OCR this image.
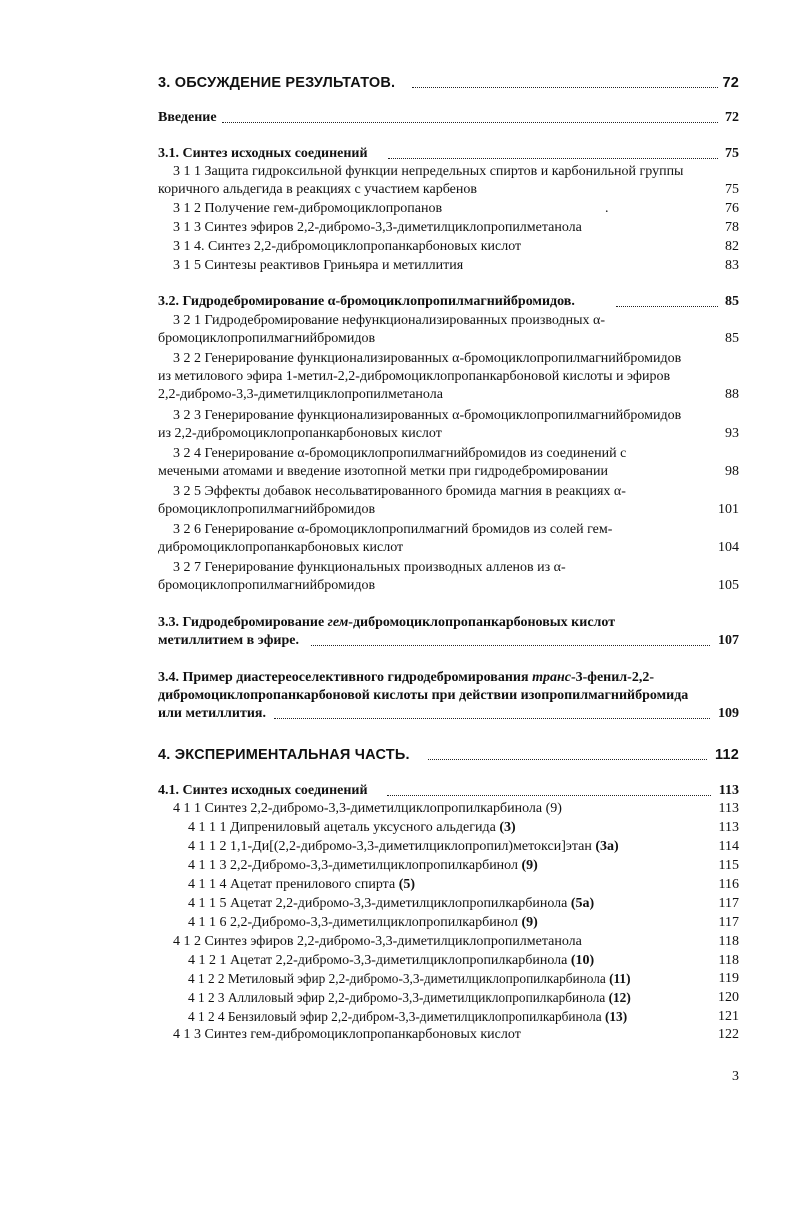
3. ОБСУЖДЕНИЕ РЕЗУЛЬТАТОВ.	72
Введение	72
3.1. Синтез исходных соединений	75
3 1 1 Защита гидроксильной функции непредельных спиртов и карбонильной группы
коричного альдегида в реакциях с участием карбенов	75
3 1 2 Получение гем-дибромоциклопропанов	.	76
3 1 3 Синтез эфиров 2,2-дибромо-3,3-диметилциклопропилметанола	78
3 1 4. Синтез 2,2-дибромоциклопропанкарбоновых кислот	82
3 1 5 Синтезы реактивов Гриньяра и метиллития	83
3.2. Гидродебромирование α-бромоциклопропилмагнийбромидов.	85
3 2 1 Гидродебромирование нефункционализированных производных α-
бромоциклопропилмагнийбромидов	85
3 2 2 Генерирование функционализированных α-бромоциклопропилмагнийбромидов
из метилового эфира 1-метил-2,2-дибромоциклопропанкарбоновой кислоты и эфиров
2,2-дибромо-3,3-диметилциклопропилметанола	88
3 2 3 Генерирование функционализированных α-бромоциклопропилмагнийбромидов
из 2,2-дибромоциклопропанкарбоновых кислот	93
3 2 4 Генерирование α-бромоциклопропилмагнийбромидов из соединений с
мечеными атомами и введение изотопной метки при гидродебромировании	98
3 2 5 Эффекты добавок несольватированного бромида магния в реакциях α-
бромоциклопропилмагнийбромидов	101
3 2 6 Генерирование α-бромоциклопропилмагний бромидов из солей гем-
дибромоциклопропанкарбоновых кислот	104
3 2 7 Генерирование функциональных производных алленов из α-
бромоциклопропилмагнийбромидов	105
3.3. Гидродебромирование гем-дибромоциклопропанкарбоновых кислот
метиллитием в эфире.	107
3.4. Пример диастереоселективного гидродебромирования транс-3-фенил-2,2-
дибромоциклопропанкарбоновой кислоты при действии изопропилмагнийбромида
или метиллития.	109
4. ЭКСПЕРИМЕНТАЛЬНАЯ ЧАСТЬ.	112
4.1. Синтез исходных соединений	113
4 1 1 Синтез 2,2-дибромо-3,3-диметилциклопропилкарбинола (9)	113
4 1 1 1 Дипрениловый ацеталь уксусного альдегида (3)	113
4 1 1 2 1,1-Ди[(2,2-дибромо-3,3-диметилциклопропил)метокси]этан (3а)	114
4 1 1 3 2,2-Дибромо-3,3-диметилциклопропилкарбинол (9)	115
4 1 1 4 Ацетат пренилового спирта (5)	116
4 1 1 5 Ацетат 2,2-дибромо-3,3-диметилциклопропилкарбинола (5а)	117
4 1 1 6 2,2-Дибромо-3,3-диметилциклопропилкарбинол (9)	117
4 1 2 Синтез эфиров 2,2-дибромо-3,3-диметилциклопропилметанола	118
4 1 2 1 Ацетат 2,2-дибромо-3,3-диметилциклопропилкарбинола (10)	118
4 1 2 2 Метиловый эфир 2,2-дибромо-3,3-диметилциклопропилкарбинола (11)	119
4 1 2 3 Аллиловый эфир 2,2-дибромо-3,3-диметилциклопропилкарбинола (12)	120
4 1 2 4 Бензиловый эфир 2,2-дибром-3,3-диметилциклопропилкарбинола (13)	121
4 1 3 Синтез гем-дибромоциклопропанкарбоновых кислот	122
3
